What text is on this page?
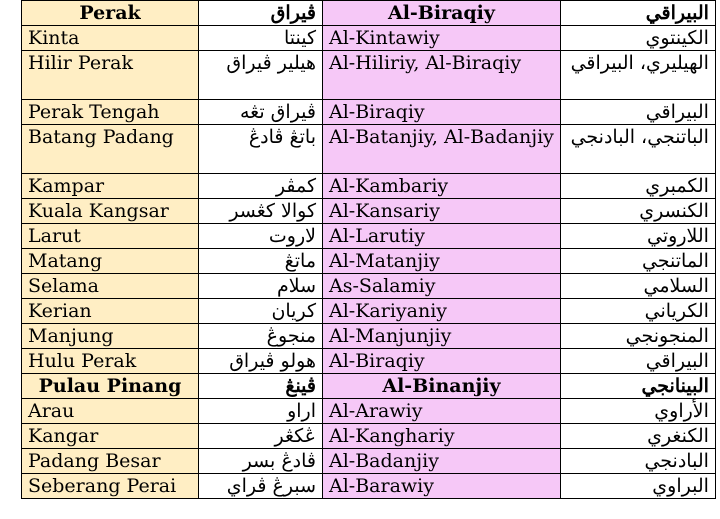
Perak	ڤيراق	Al-Biraqiy	البيراقي
Kinta	کينتا	Al-Kintawiy	الكينتوي
Hilir Perak	هيلير ڤيراق	Al-Hiliriy, Al-Biraqiy	الهيليري، البيراقي
Perak Tengah	ڤيراق تڠه	Al-Biraqiy	البيراقي
Batang Padang	باتڠ ڤادڠ	Al-Batanjiy, Al-Badanjiy	الباتنجي، البادنجي
Kampar	كمڤر	Al-Kambariy	الكمبري
Kuala Kangsar	کوالا کڠسر	Al-Kansariy	الكنسري
Larut	لاروت	Al-Larutiy	اللاروتي
Matang	ماتڠ	Al-Matanjiy	الماتنجي
Selama	سلام	As-Salamiy	السلامي
Kerian	کريان	Al-Kariyaniy	الكرياني
Manjung	منجوڠ	Al-Manjunjiy	المنجونجي
Hulu Perak	هولو ڤيراق	Al-Biraqiy	البيراقي
Pulau Pinang	ڤينڠ	Al-Binanjiy	البينانجي
Arau	اراو	Al-Arawiy	الأراوي
Kangar	ڠ‎کڠر	Al-Kanghariy	الكنغري
Padang Besar	ڤادڠ بسر	Al-Badanjiy	البادنجي
Seberang Perai	سبرڠ ڤراي	Al-Barawiy	البراوي
